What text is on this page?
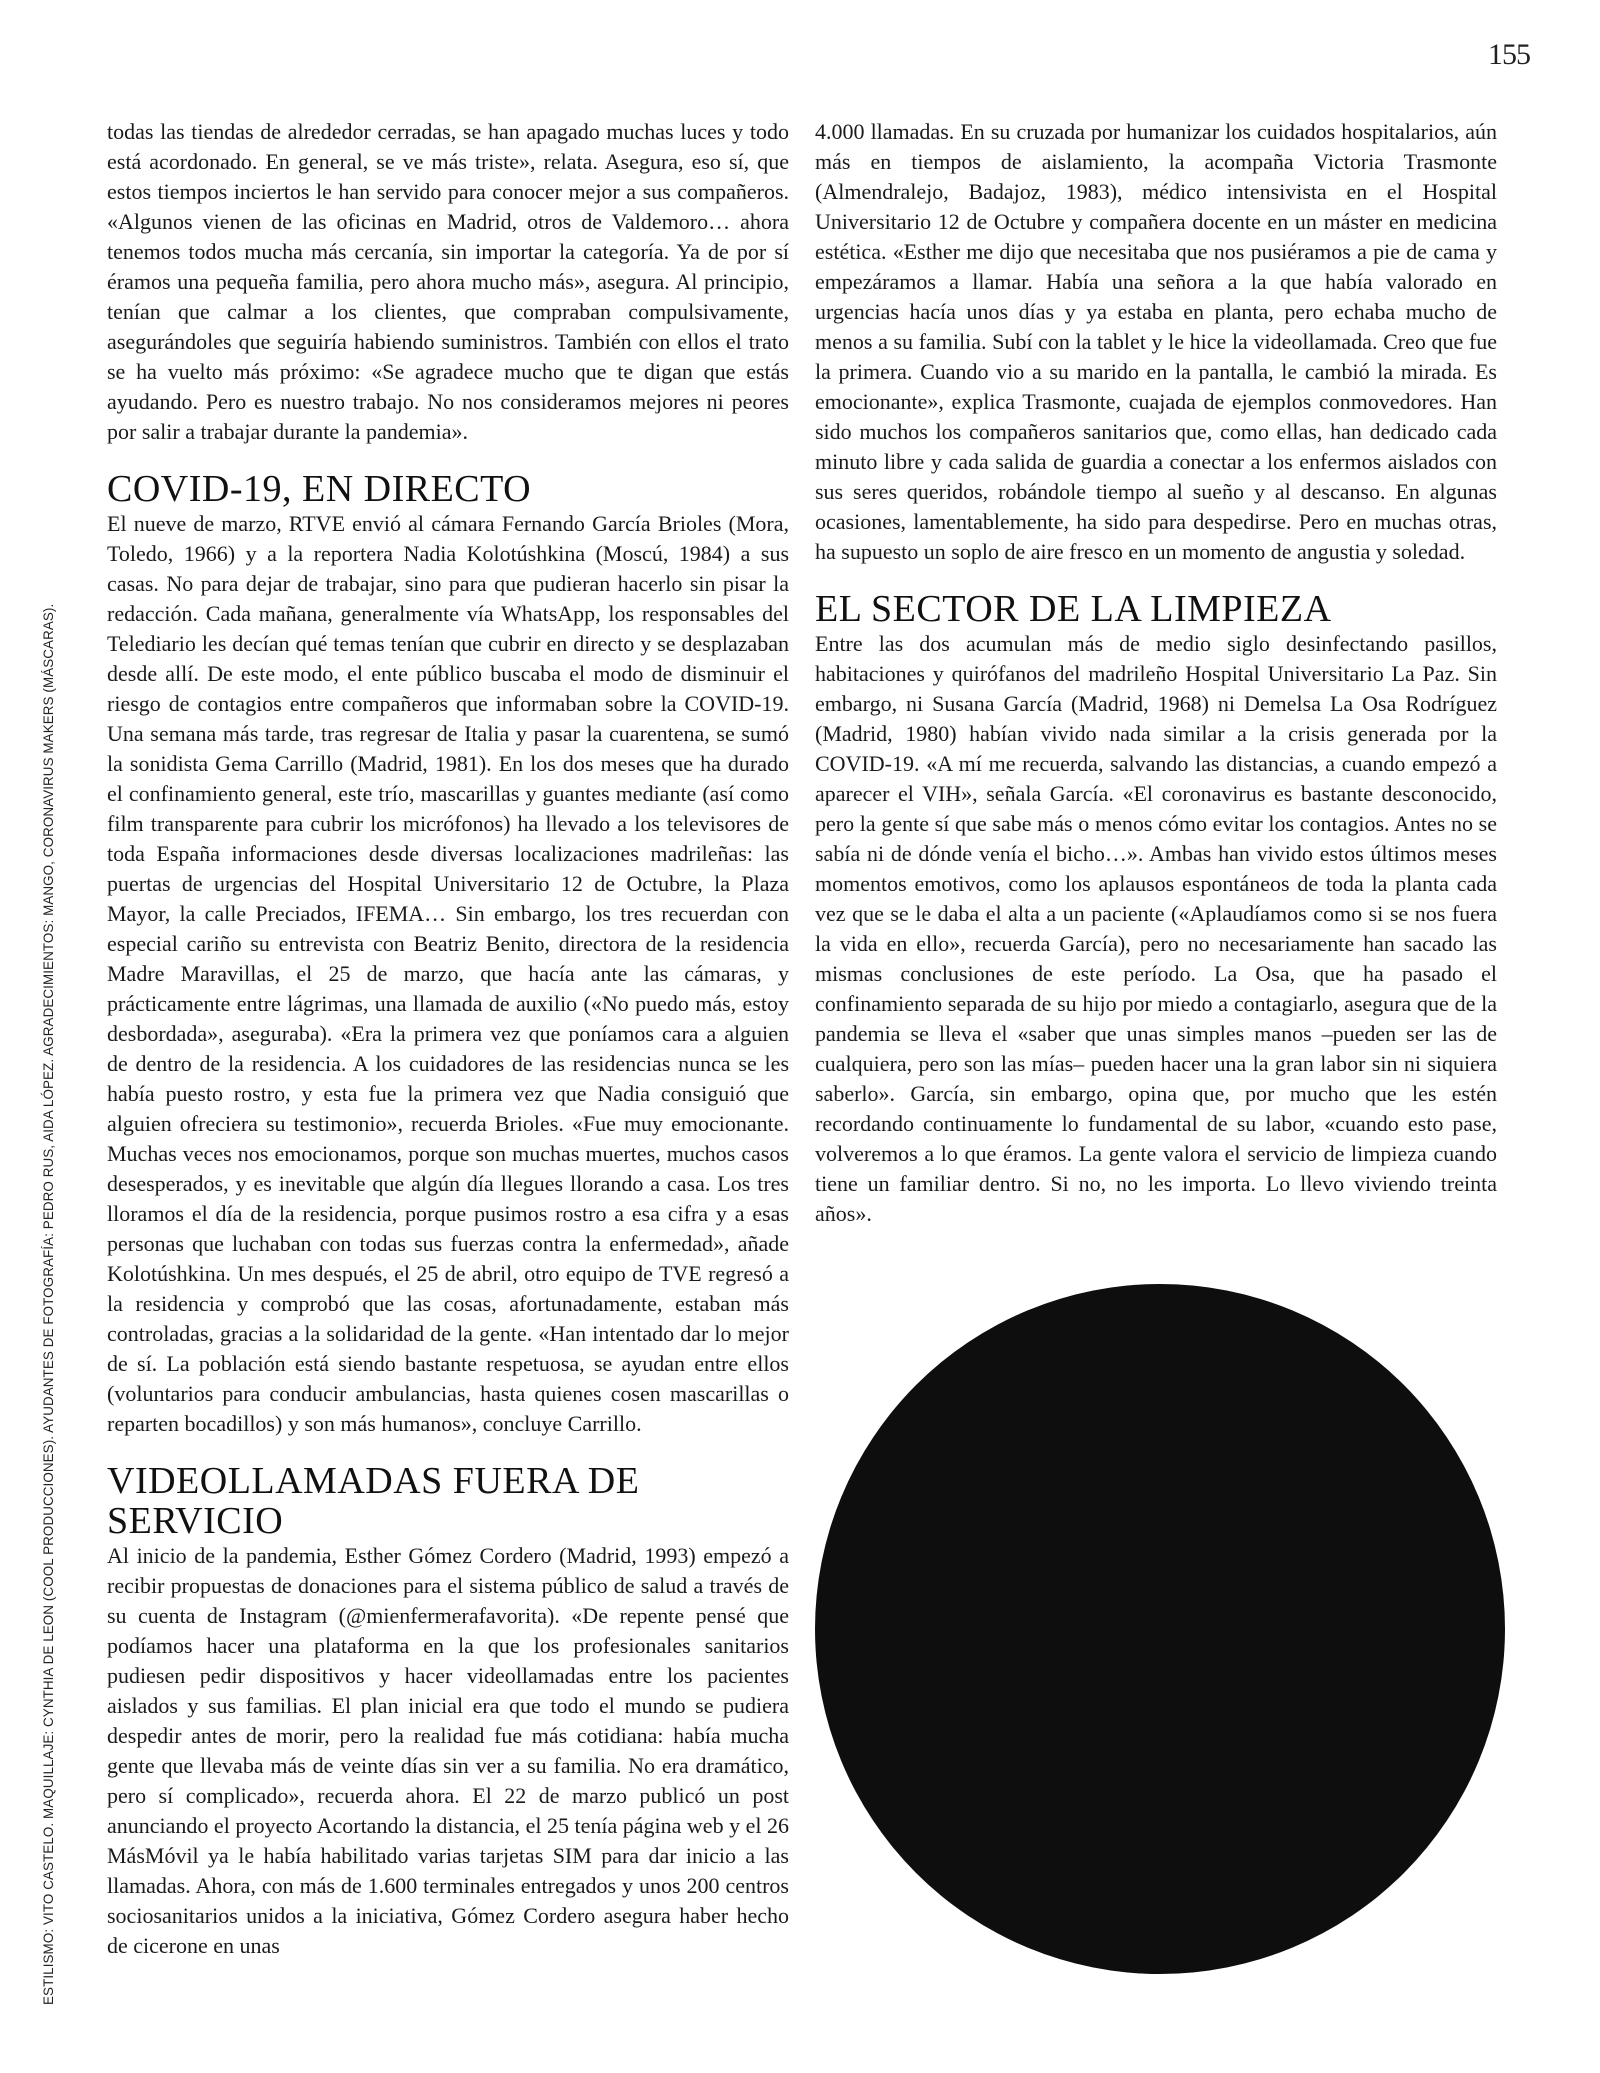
155
ESTILISMO: VITO CASTELO. MAQUILLAJE: CYNTHIA DE LEON (COOL PRODUCCIONES). AYUDANTES DE FOTOGRAFÍA: PEDRO RUS, AIDA LÓPEZ. AGRADECIMIENTOS: MANGO, CORONAVIRUS MAKERS (MÁSCARAS).

todas las tiendas de alrededor cerradas, se han apagado muchas luces y todo está acordonado. En general, se ve más triste», relata. Asegura, eso sí, que estos tiempos inciertos le han servido para conocer mejor a sus compañeros. «Algunos vienen de las oficinas en Madrid, otros de Valdemoro… ahora tenemos todos mucha más cercanía, sin importar la categoría. Ya de por sí éramos una pequeña familia, pero ahora mucho más», asegura. Al principio, tenían que calmar a los clientes, que compraban compulsivamente, asegurándoles que seguiría habiendo suministros. También con ellos el trato se ha vuelto más próximo: «Se agradece mucho que te digan que estás ayudando. Pero es nuestro trabajo. No nos consideramos mejores ni peores por salir a trabajar durante la pandemia».

COVID-19, EN DIRECTO

El nueve de marzo, RTVE envió al cámara Fernando García Brioles (Mora, Toledo, 1966) y a la reportera Nadia Kolotúshkina (Moscú, 1984) a sus casas. No para dejar de trabajar, sino para que pudieran hacerlo sin pisar la redacción. Cada mañana, generalmente vía WhatsApp, los responsables del Telediario les decían qué temas tenían que cubrir en directo y se desplazaban desde allí. De este modo, el ente público buscaba el modo de disminuir el riesgo de contagios entre compañeros que informaban sobre la COVID-19. Una semana más tarde, tras regresar de Italia y pasar la cuarentena, se sumó la sonidista Gema Carrillo (Madrid, 1981). En los dos meses que ha durado el confinamiento general, este trío, mascarillas y guantes mediante (así como film transparente para cubrir los micrófonos) ha llevado a los televisores de toda España informaciones desde diversas localizaciones madrileñas: las puertas de urgencias del Hospital Universitario 12 de Octubre, la Plaza Mayor, la calle Preciados, IFEMA… Sin embargo, los tres recuerdan con especial cariño su entrevista con Beatriz Benito, directora de la residencia Madre Maravillas, el 25 de marzo, que hacía ante las cámaras, y prácticamente entre lágrimas, una llamada de auxilio («No puedo más, estoy desbordada», aseguraba). «Era la primera vez que poníamos cara a alguien de dentro de la residencia. A los cuidadores de las residencias nunca se les había puesto rostro, y esta fue la primera vez que Nadia consiguió que alguien ofreciera su testimonio», recuerda Brioles. «Fue muy emocionante. Muchas veces nos emocionamos, porque son muchas muertes, muchos casos desesperados, y es inevitable que algún día llegues llorando a casa. Los tres lloramos el día de la residencia, porque pusimos rostro a esa cifra y a esas personas que luchaban con todas sus fuerzas contra la enfermedad», añade Kolotúshkina. Un mes después, el 25 de abril, otro equipo de TVE regresó a la residencia y comprobó que las cosas, afortunadamente, estaban más controladas, gracias a la solidaridad de la gente. «Han intentado dar lo mejor de sí. La población está siendo bastante respetuosa, se ayudan entre ellos (voluntarios para conducir ambulancias, hasta quienes cosen mascarillas o reparten bocadillos) y son más humanos», concluye Carrillo.

VIDEOLLAMADAS FUERA DE SERVICIO

Al inicio de la pandemia, Esther Gómez Cordero (Madrid, 1993) empezó a recibir propuestas de donaciones para el sistema público de salud a través de su cuenta de Instagram (@mienfermerafavorita). «De repente pensé que podíamos hacer una plataforma en la que los profesionales sanitarios pudiesen pedir dispositivos y hacer videollamadas entre los pacientes aislados y sus familias. El plan inicial era que todo el mundo se pudiera despedir antes de morir, pero la realidad fue más cotidiana: había mucha gente que llevaba más de veinte días sin ver a su familia. No era dramático, pero sí complicado», recuerda ahora. El 22 de marzo publicó un post anunciando el proyecto Acortando la distancia, el 25 tenía página web y el 26 MásMóvil ya le había habilitado varias tarjetas SIM para dar inicio a las llamadas. Ahora, con más de 1.600 terminales entregados y unos 200 centros sociosanitarios unidos a la iniciativa, Gómez Cordero asegura haber hecho de cicerone en unas

4.000 llamadas. En su cruzada por humanizar los cuidados hospitalarios, aún más en tiempos de aislamiento, la acompaña Victoria Trasmonte (Almendralejo, Badajoz, 1983), médico intensivista en el Hospital Universitario 12 de Octubre y compañera docente en un máster en medicina estética. «Esther me dijo que necesitaba que nos pusiéramos a pie de cama y empezáramos a llamar. Había una señora a la que había valorado en urgencias hacía unos días y ya estaba en planta, pero echaba mucho de menos a su familia. Subí con la tablet y le hice la videollamada. Creo que fue la primera. Cuando vio a su marido en la pantalla, le cambió la mirada. Es emocionante», explica Trasmonte, cuajada de ejemplos conmovedores. Han sido muchos los compañeros sanitarios que, como ellas, han dedicado cada minuto libre y cada salida de guardia a conectar a los enfermos aislados con sus seres queridos, robándole tiempo al sueño y al descanso. En algunas ocasiones, lamentablemente, ha sido para despedirse. Pero en muchas otras, ha supuesto un soplo de aire fresco en un momento de angustia y soledad.

EL SECTOR DE LA LIMPIEZA

Entre las dos acumulan más de medio siglo desinfectando pasillos, habitaciones y quirófanos del madrileño Hospital Universitario La Paz. Sin embargo, ni Susana García (Madrid, 1968) ni Demelsa La Osa Rodríguez (Madrid, 1980) habían vivido nada similar a la crisis generada por la COVID-19. «A mí me recuerda, salvando las distancias, a cuando empezó a aparecer el VIH», señala García. «El coronavirus es bastante desconocido, pero la gente sí que sabe más o menos cómo evitar los contagios. Antes no se sabía ni de dónde venía el bicho…». Ambas han vivido estos últimos meses momentos emotivos, como los aplausos espontáneos de toda la planta cada vez que se le daba el alta a un paciente («Aplaudíamos como si se nos fuera la vida en ello», recuerda García), pero no necesariamente han sacado las mismas conclusiones de este período. La Osa, que ha pasado el confinamiento separada de su hijo por miedo a contagiarlo, asegura que de la pandemia se lleva el «saber que unas simples manos –pueden ser las de cualquiera, pero son las mías– pueden hacer una la gran labor sin ni siquiera saberlo». García, sin embargo, opina que, por mucho que les estén recordando continuamente lo fundamental de su labor, «cuando esto pase, volveremos a lo que éramos. La gente valora el servicio de limpieza cuando tiene un familiar dentro. Si no, no les importa. Lo llevo viviendo treinta años».
